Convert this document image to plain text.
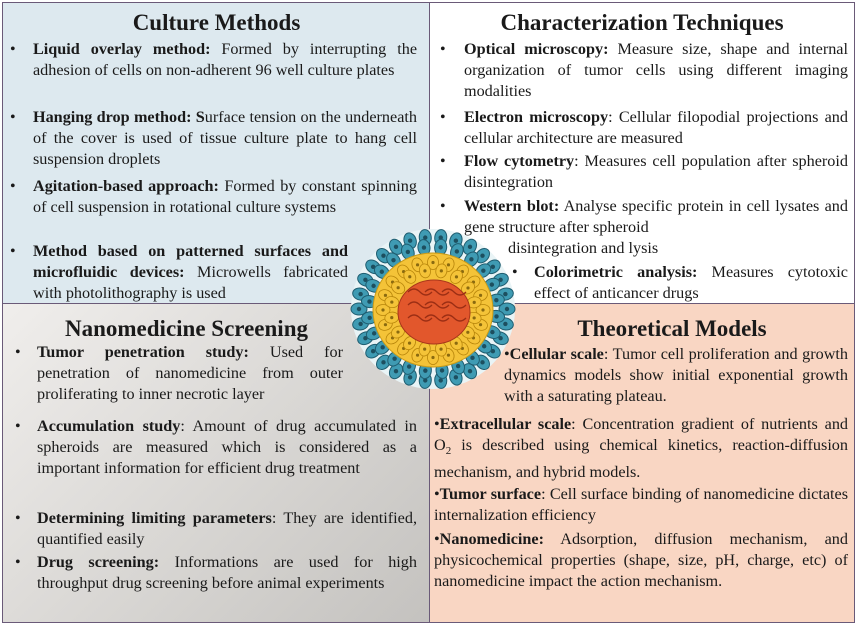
Culture Methods
• Liquid overlay method: Formed by interrupting the adhesion of cells on non-adherent 96 well culture plates
• Hanging drop method: Surface tension on the underneath of the cover is used of tissue culture plate to hang cell suspension droplets
• Agitation-based approach: Formed by constant spinning of cell suspension in rotational culture systems
• Method based on patterned surfaces and microfluidic devices: Microwells fabricated with photolithography is used
Characterization Techniques
• Optical microscopy: Measure size, shape and internal organization of tumor cells using different imaging modalities
• Electron microscopy: Cellular filopodial projections and cellular architecture are measured
• Flow cytometry: Measures cell population after spheroid disintegration
• Western blot: Analyse specific protein in cell lysates and gene structure after spheroid
disintegration and lysis
• Colorimetric analysis: Measures cytotoxic effect of anticancer drugs
Nanomedicine Screening
• Tumor penetration study: Used for penetration of nanomedicine from outer proliferating to inner necrotic layer
• Accumulation study: Amount of drug accumulated in spheroids are measured which is considered as a important information for efficient drug treatment
• Determining limiting parameters: They are identified, quantified easily
• Drug screening: Informations are used for high throughput drug screening before animal experiments
Theoretical Models
•Cellular scale: Tumor cell proliferation and growth dynamics models show initial exponential growth with a saturating plateau.
•Extracellular scale: Concentration gradient of nutrients and $O_2$ is described using chemical kinetics, reaction-diffusion mechanism, and hybrid models.
•Tumor surface: Cell surface binding of nanomedicine dictates internalization efficiency
•Nanomedicine: Adsorption, diffusion mechanism, and physicochemical properties (shape, size, pH, charge, etc) of nanomedicine impact the action mechanism.
